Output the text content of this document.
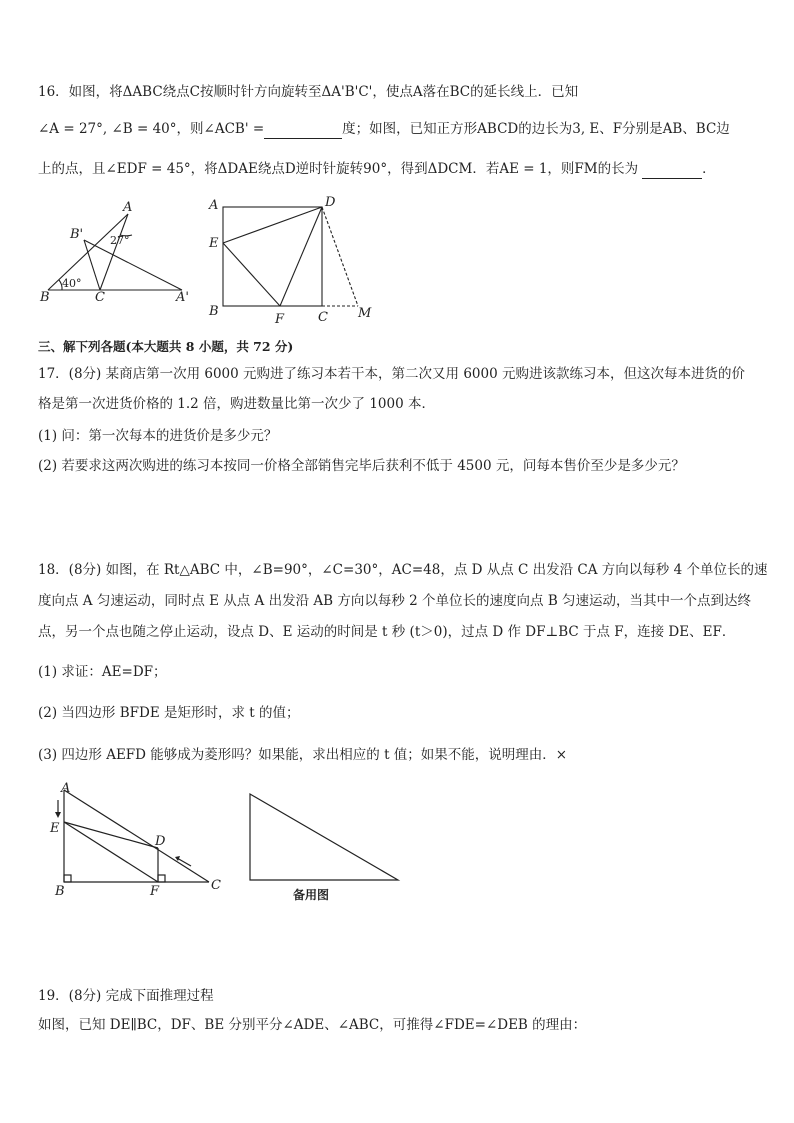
16．如图，将ΔABC绕点C按顺时针方向旋转至ΔA'B'C'，使点A落在BC的延长线上．已知
∠A = 27°, ∠B = 40°，则∠ACB' =	度；如图，已知正方形ABCD的边长为3, E、F分别是AB、BC边
上的点，且∠EDF = 45°，将ΔDAE绕点D逆时针旋转90°，得到ΔDCM．若AE = 1，则FM的长为	．
A
B'
B	C	A'
27°
40°
A	D
E
B
F	C M
三、解下列各题(本大题共 8 小题，共 72 分)
17．(8分) 某商店第一次用 6000 元购进了练习本若干本，第二次又用 6000 元购进该款练习本，但这次每本进货的价
格是第一次进货价格的 1.2 倍，购进数量比第一次少了 1000 本．
(1) 问：第一次每本的进货价是多少元？
(2) 若要求这两次购进的练习本按同一价格全部销售完毕后获利不低于 4500 元，问每本售价至少是多少元？
18．(8分) 如图，在 Rt△ABC 中，∠B=90°，∠C=30°，AC=48，点 D 从点 C 出发沿 CA 方向以每秒 4 个单位长的速
度向点 A 匀速运动，同时点 E 从点 A 出发沿 AB 方向以每秒 2 个单位长的速度向点 B 匀速运动，当其中一个点到达终
点，另一个点也随之停止运动，设点 D、E 运动的时间是 t 秒 (t＞0)，过点 D 作 DF⊥BC 于点 F，连接 DE、EF．
(1) 求证：AE=DF；
(2) 当四边形 BFDE 是矩形时，求 t 的值；
(3) 四边形 AEFD 能够成为菱形吗？如果能，求出相应的 t 值；如果不能，说明理由．×
A
E
D
B	F	C
备用图
19．(8分) 完成下面推理过程
如图，已知 DE∥BC，DF、BE 分别平分∠ADE、∠ABC，可推得∠FDE=∠DEB 的理由：
